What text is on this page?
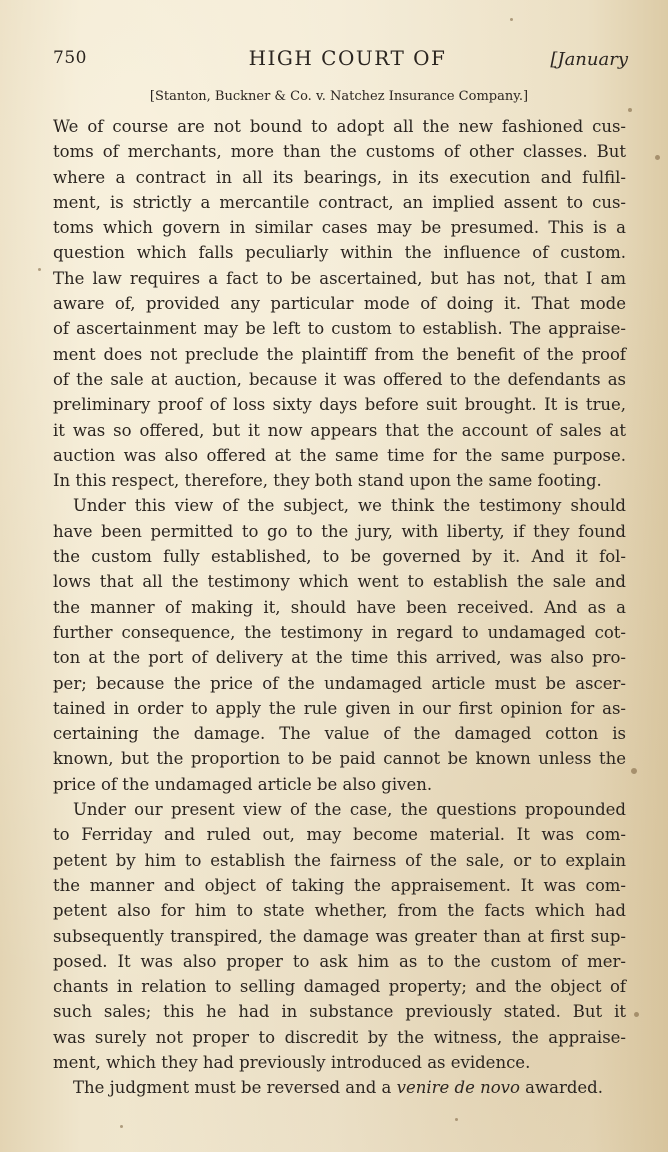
750	HIGH COURT OF	[January
[Stanton, Buckner & Co. v. Natchez Insurance Company.]
We of course are not bound to adopt all the new fashioned cus-
toms of merchants, more than the customs of other classes. But
where a contract in all its bearings, in its execution and fulfil-
ment, is strictly a mercantile contract, an implied assent to cus-
toms which govern in similar cases may be presumed. This is a
question which falls peculiarly within the influence of custom.
The law requires a fact to be ascertained, but has not, that I am
aware of, provided any particular mode of doing it. That mode
of ascertainment may be left to custom to establish. The appraise-
ment does not preclude the plaintiff from the benefit of the proof
of the sale at auction, because it was offered to the defendants as
preliminary proof of loss sixty days before suit brought. It is true,
it was so offered, but it now appears that the account of sales at
auction was also offered at the same time for the same purpose.
In this respect, therefore, they both stand upon the same footing.
Under this view of the subject, we think the testimony should
have been permitted to go to the jury, with liberty, if they found
the custom fully established, to be governed by it. And it fol-
lows that all the testimony which went to establish the sale and
the manner of making it, should have been received. And as a
further consequence, the testimony in regard to undamaged cot-
ton at the port of delivery at the time this arrived, was also pro-
per; because the price of the undamaged article must be ascer-
tained in order to apply the rule given in our first opinion for as-
certaining the damage. The value of the damaged cotton is
known, but the proportion to be paid cannot be known unless the
price of the undamaged article be also given.
Under our present view of the case, the questions propounded
to Ferriday and ruled out, may become material. It was com-
petent by him to establish the fairness of the sale, or to explain
the manner and object of taking the appraisement. It was com-
petent also for him to state whether, from the facts which had
subsequently transpired, the damage was greater than at first sup-
posed. It was also proper to ask him as to the custom of mer-
chants in relation to selling damaged property; and the object of
such sales; this he had in substance previously stated. But it
was surely not proper to discredit by the witness, the appraise-
ment, which they had previously introduced as evidence.
The judgment must be reversed and a venire de novo awarded.
